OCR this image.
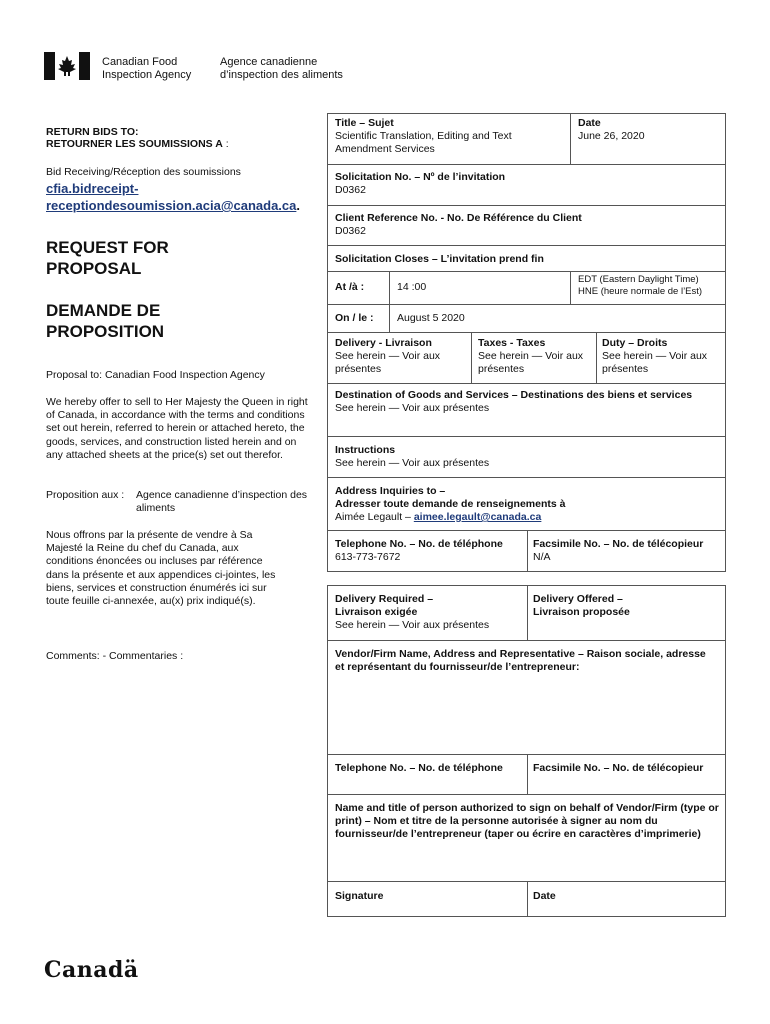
Canadian Food
Inspection Agency
Agence canadienne
d’inspection des aliments
RETURN BIDS TO:
RETOURNER LES SOUMISSIONS A :
Bid Receiving/Réception des soumissions
cfia.bidreceipt-
receptiondesoumission.acia@canada.ca.
REQUEST FOR PROPOSAL
DEMANDE DE PROPOSITION
Proposal to: Canadian Food Inspection Agency
We hereby offer to sell to Her Majesty the Queen in right of Canada, in accordance with the terms and conditions set out herein, referred to herein or attached hereto, the goods, services, and construction listed herein and on any attached sheets at the price(s) set out therefor.
Proposition aux : Agence canadienne d’inspection des aliments
Nous offrons par la présente de vendre à Sa Majesté la Reine du chef du Canada, aux conditions énoncées ou incluses par référence dans la présente et aux appendices ci-jointes, les biens, services et construction énumérés ici sur toute feuille ci-annexée, au(x) prix indiqué(s).
Comments: - Commentaries :
Title – Sujet
Scientific Translation, Editing and Text Amendment Services
Date
June 26, 2020
Solicitation No. – Nº de l’invitation
D0362
Client Reference No. - No. De Référence du Client
D0362
Solicitation Closes – L’invitation prend fin
At /à :	14 :00
EDT (Eastern Daylight Time)
HNE (heure normale de l’Est)
On / le : August 5 2020
Delivery - Livraison
See herein — Voir aux présentes
Taxes - Taxes
See herein — Voir aux présentes
Duty – Droits
See herein — Voir aux présentes
Destination of Goods and Services – Destinations des biens et services
See herein — Voir aux présentes
Instructions
See herein — Voir aux présentes
Address Inquiries to –
Adresser toute demande de renseignements à
Aimée Legault – aimee.legault@canada.ca
Telephone No. – No. de téléphone
613-773-7672
Facsimile No. – No. de télécopieur
N/A
Delivery Required –
Livraison exigée
See herein — Voir aux présentes
Delivery Offered –
Livraison proposée
Vendor/Firm Name, Address and Representative – Raison sociale, adresse et représentant du fournisseur/de l’entrepreneur:
Telephone No. – No. de téléphone	Facsimile No. – No. de télécopieur
Name and title of person authorized to sign on behalf of Vendor/Firm (type or print) – Nom et titre de la personne autorisée à signer au nom du fournisseur/de l’entrepreneur (taper ou écrire en caractères d’imprimerie)
Signature	Date
Canadä
